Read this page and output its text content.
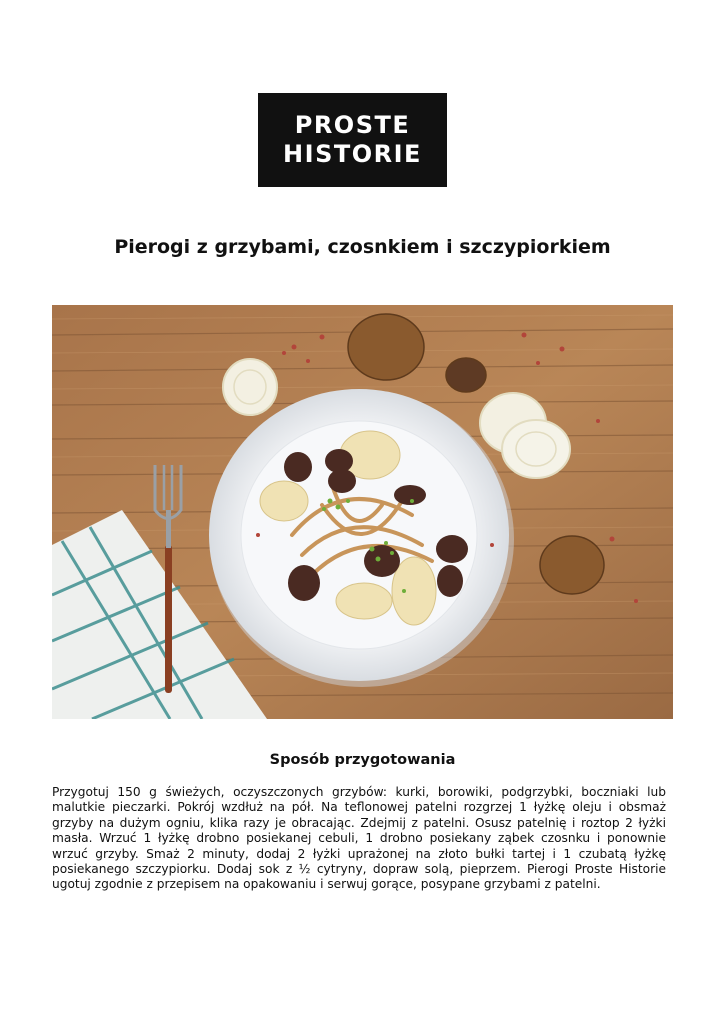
PROSTE
HISTORIE
Pierogi z grzybami, czosnkiem i szczypiorkiem
Sposób przygotowania

Przygotuj 150 g świeżych, oczyszczonych grzybów: kurki, borowiki, podgrzybki, boczniaki lub malutkie pieczarki. Pokrój wzdłuż na pół. Na teflonowej patelni rozgrzej 1 łyżkę oleju i obsmaż grzyby na dużym ogniu, klika razy je obracając. Zdejmij z patelni. Osusz patelnię i roztop 2 łyżki masła. Wrzuć 1 łyżkę drobno posiekanej cebuli, 1 drobno posiekany ząbek czosnku i ponownie wrzuć grzyby. Smaż 2 minuty, dodaj 2 łyżki uprażonej na złoto bułki tartej i 1 czubatą łyżkę posiekanego szczypiorku. Dodaj sok z ½ cytryny, dopraw solą, pieprzem. Pierogi Proste Historie ugotuj zgodnie z przepisem na opakowaniu i serwuj gorące, posypane grzybami z patelni.
